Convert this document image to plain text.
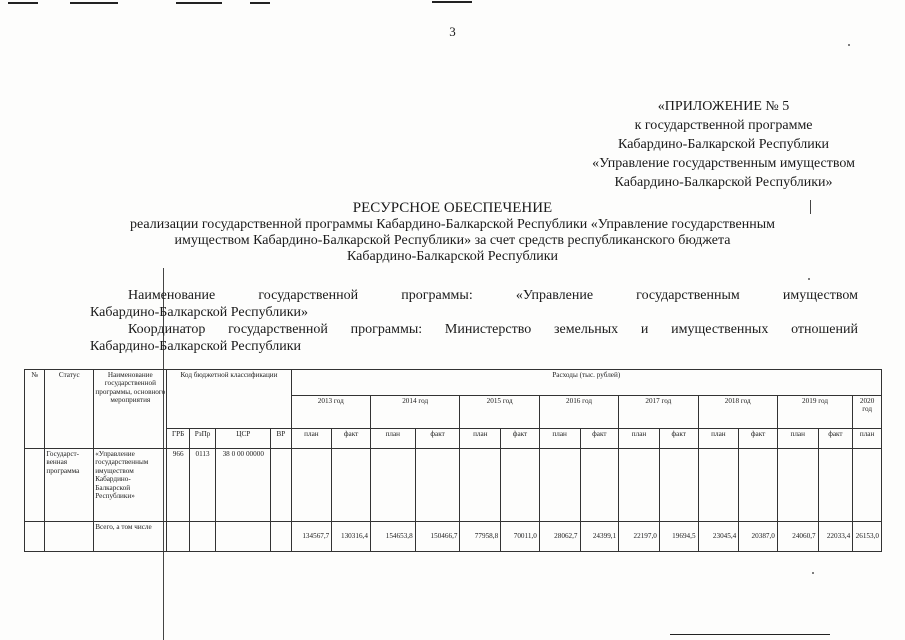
3
«ПРИЛОЖЕНИЕ № 5
к государственной программе
Кабардино-Балкарской Республики
«Управление государственным имуществом
Кабардино-Балкарской Республики»
РЕСУРСНОЕ ОБЕСПЕЧЕНИЕ
реализации государственной программы Кабардино-Балкарской Республики «Управление государственным
имуществом Кабардино-Балкарской Республики» за счет средств республиканского бюджета
Кабардино-Балкарской Республики
Наименование государственной программы: «Управление государственным имуществом
Кабардино-Балкарской Республики»
Координатор государственной программы: Министерство земельных и имущественных отношений
Кабардино-Балкарской Республики
№	Статус	Наименование государственной программы, основного мероприятия	Код бюджетной классификации				Расходы (тыс. рублей)														
							2013 год		2014 год		2015 год		2016 год		2017 год		2018 год		2019 год		2020 год
			ГРБ	РзПр	ЦСР	ВР	план	факт	план	факт	план	факт	план	факт	план	факт	план	факт	план	факт	план
	Государст-венная программа	«Управление государственным имуществом Кабардино-Балкарской Республики»	966	0113	38 0 00 00000																
		Всего, а том числе					134567,7	130316,4	154653,8	150466,7	77958,8	70011,0	28062,7	24399,1	22197,0	19694,5	23045,4	20387,0	24060,7	22033,4	26153,0
